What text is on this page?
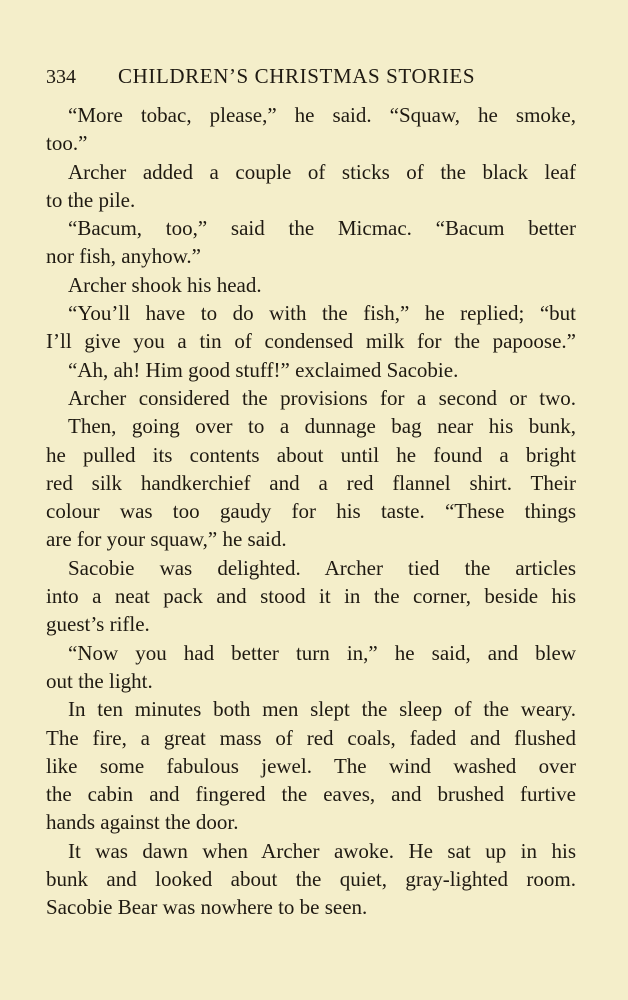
334 CHILDREN’S CHRISTMAS STORIES
“More tobac, please,” he said. “Squaw, he smoke,
too.”
Archer added a couple of sticks of the black leaf
to the pile.
“Bacum, too,” said the Micmac. “Bacum better
nor fish, anyhow.”
Archer shook his head.
“You’ll have to do with the fish,” he replied; “but
I’ll give you a tin of condensed milk for the papoose.”
“Ah, ah! Him good stuff!” exclaimed Sacobie.
Archer considered the provisions for a second or two.
Then, going over to a dunnage bag near his bunk,
he pulled its contents about until he found a bright
red silk handkerchief and a red flannel shirt. Their
colour was too gaudy for his taste. “These things
are for your squaw,” he said.
Sacobie was delighted. Archer tied the articles
into a neat pack and stood it in the corner, beside his
guest’s rifle.
“Now you had better turn in,” he said, and blew
out the light.
In ten minutes both men slept the sleep of the weary.
The fire, a great mass of red coals, faded and flushed
like some fabulous jewel. The wind washed over
the cabin and fingered the eaves, and brushed furtive
hands against the door.
It was dawn when Archer awoke. He sat up in his
bunk and looked about the quiet, gray-lighted room.
Sacobie Bear was nowhere to be seen.
